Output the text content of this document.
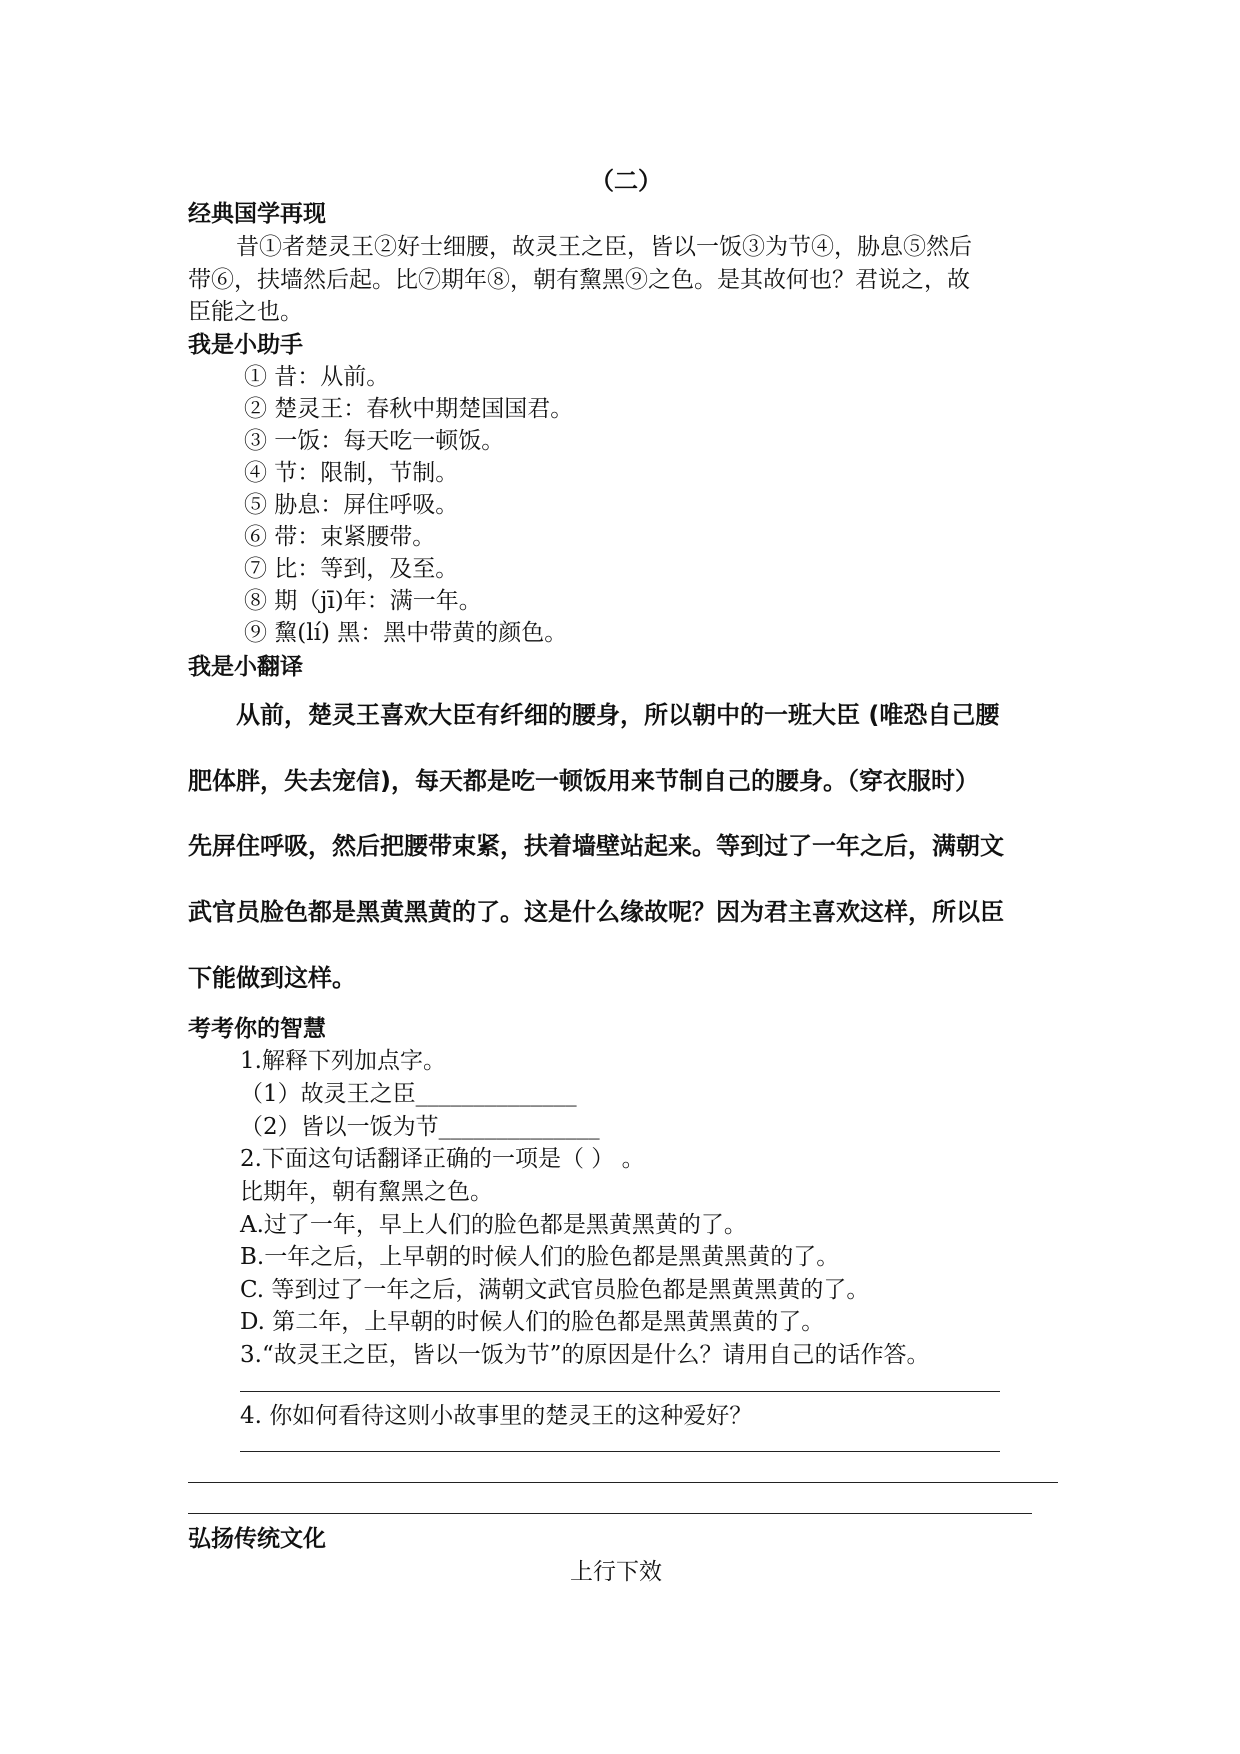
（二）
经典国学再现
昔①者楚灵王②好士细腰，故灵王之臣，皆以一饭③为节④，胁息⑤然后
带⑥，扶墙然后起。比⑦期年⑧，朝有黧黑⑨之色。是其故何也？君说之，故
臣能之也。
我是小助手
① 昔：从前。
② 楚灵王：春秋中期楚国国君。
③ 一饭：每天吃一顿饭。
④ 节：限制，节制。
⑤ 胁息：屏住呼吸。
⑥ 带：束紧腰带。
⑦ 比：等到，及至。
⑧ 期（jī)年：满一年。
⑨ 黧(lí) 黑：黑中带黄的颜色。
我是小翻译
从前，楚灵王喜欢大臣有纤细的腰身，所以朝中的一班大臣 (唯恐自己腰
肥体胖，失去宠信)，每天都是吃一顿饭用来节制自己的腰身。（穿衣服时）
先屏住呼吸，然后把腰带束紧，扶着墙壁站起来。等到过了一年之后，满朝文
武官员脸色都是黑黄黑黄的了。这是什么缘故呢？因为君主喜欢这样，所以臣
下能做到这样。
考考你的智慧
1.解释下列加点字。
（1）故灵王之臣______________
（2）皆以一饭为节______________
2.下面这句话翻译正确的一项是（ ） 。
比期年，朝有黧黑之色。
A.过了一年，早上人们的脸色都是黑黄黑黄的了。
B.一年之后，上早朝的时候人们的脸色都是黑黄黑黄的了。
C. 等到过了一年之后，满朝文武官员脸色都是黑黄黑黄的了。
D. 第二年，上早朝的时候人们的脸色都是黑黄黑黄的了。
3.“故灵王之臣，皆以一饭为节”的原因是什么？请用自己的话作答。
4. 你如何看待这则小故事里的楚灵王的这种爱好？
弘扬传统文化
上行下效
